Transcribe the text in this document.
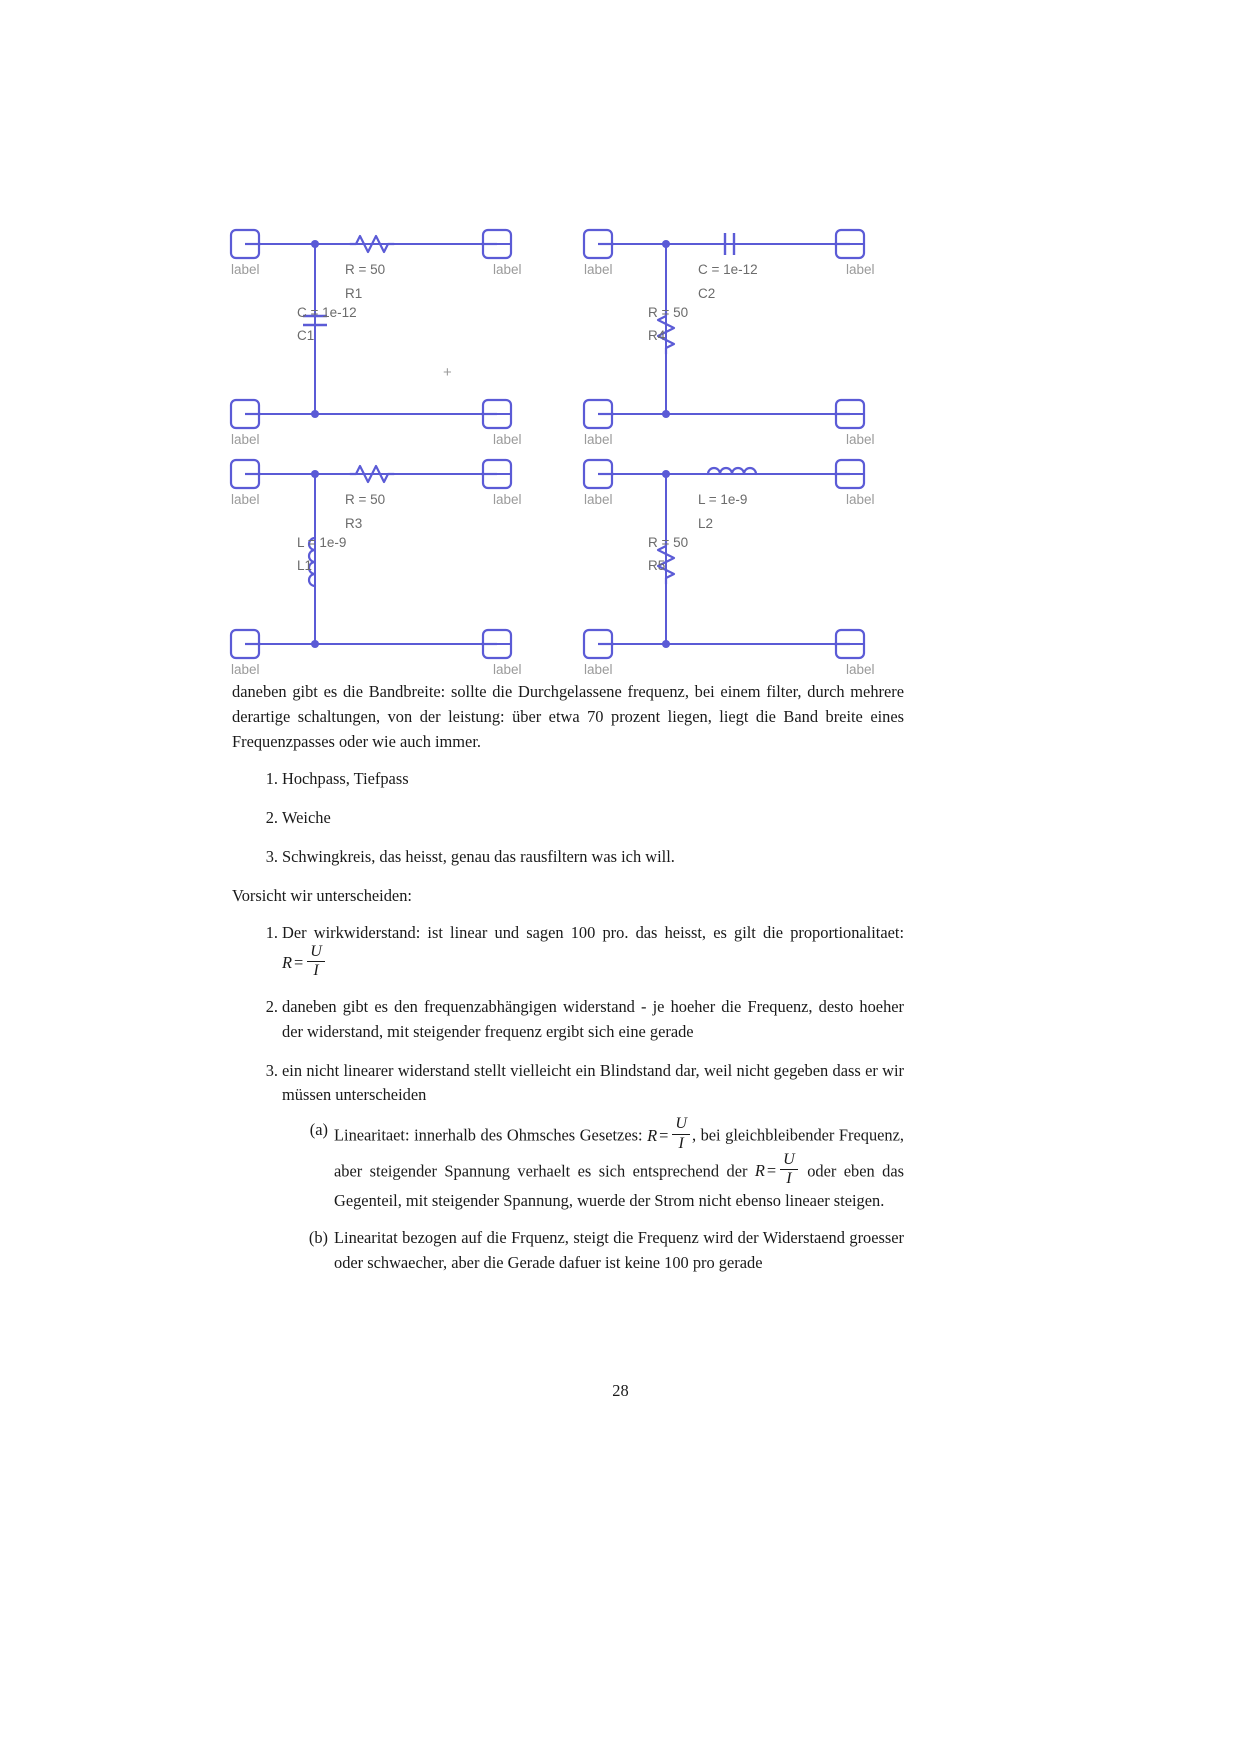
label	label
label	label
label	label
label	label
label	label
label	label
label	label
label	label
R = 50
R1
C = 1e-12
C1
C = 1e-12
C2
R = 50
R4
R = 50
R3
L = 1e-9
L1
L = 1e-9
L2
R = 50
R5
+

daneben gibt es die Bandbreite: sollte die Durchgelassene frequenz, bei einem filter, durch mehrere derartige schaltungen, von der leistung: über etwa 70 prozent liegen, liegt die Band breite eines Frequenzpasses oder wie auch immer.

1. Hochpass, Tiefpass
2. Weiche
3. Schwingkreis, das heisst, genau das rausfiltern was ich will.

Vorsicht wir unterscheiden:

1. Der wirkwiderstand: ist linear und sagen 100 pro. das heisst, es gilt die proportionalitaet: $R = \frac{U}{I}$
2. daneben gibt es den frequenzabhängigen widerstand - je hoeher die Frequenz, desto hoeher der widerstand, mit steigender frequenz ergibt sich eine gerade
3. ein nicht linearer widerstand stellt vielleicht ein Blindstand dar, weil nicht gegeben dass er wir müssen unterscheiden
(a) Linearitaet: innerhalb des Ohmsches Gesetzes: $R = \frac{U}{I}$ , bei gleichbleibender Frequenz, aber steigender Spannung verhaelt es sich entsprechend der $R = \frac{U}{I}$ oder eben das Gegenteil, mit steigender Spannung, wuerde der Strom nicht ebenso lineaer steigen.
(b) Linearitat bezogen auf die Frquenz, steigt die Frequenz wird der Widerstaend groesser oder schwaecher, aber die Gerade dafuer ist keine 100 pro gerade
28
